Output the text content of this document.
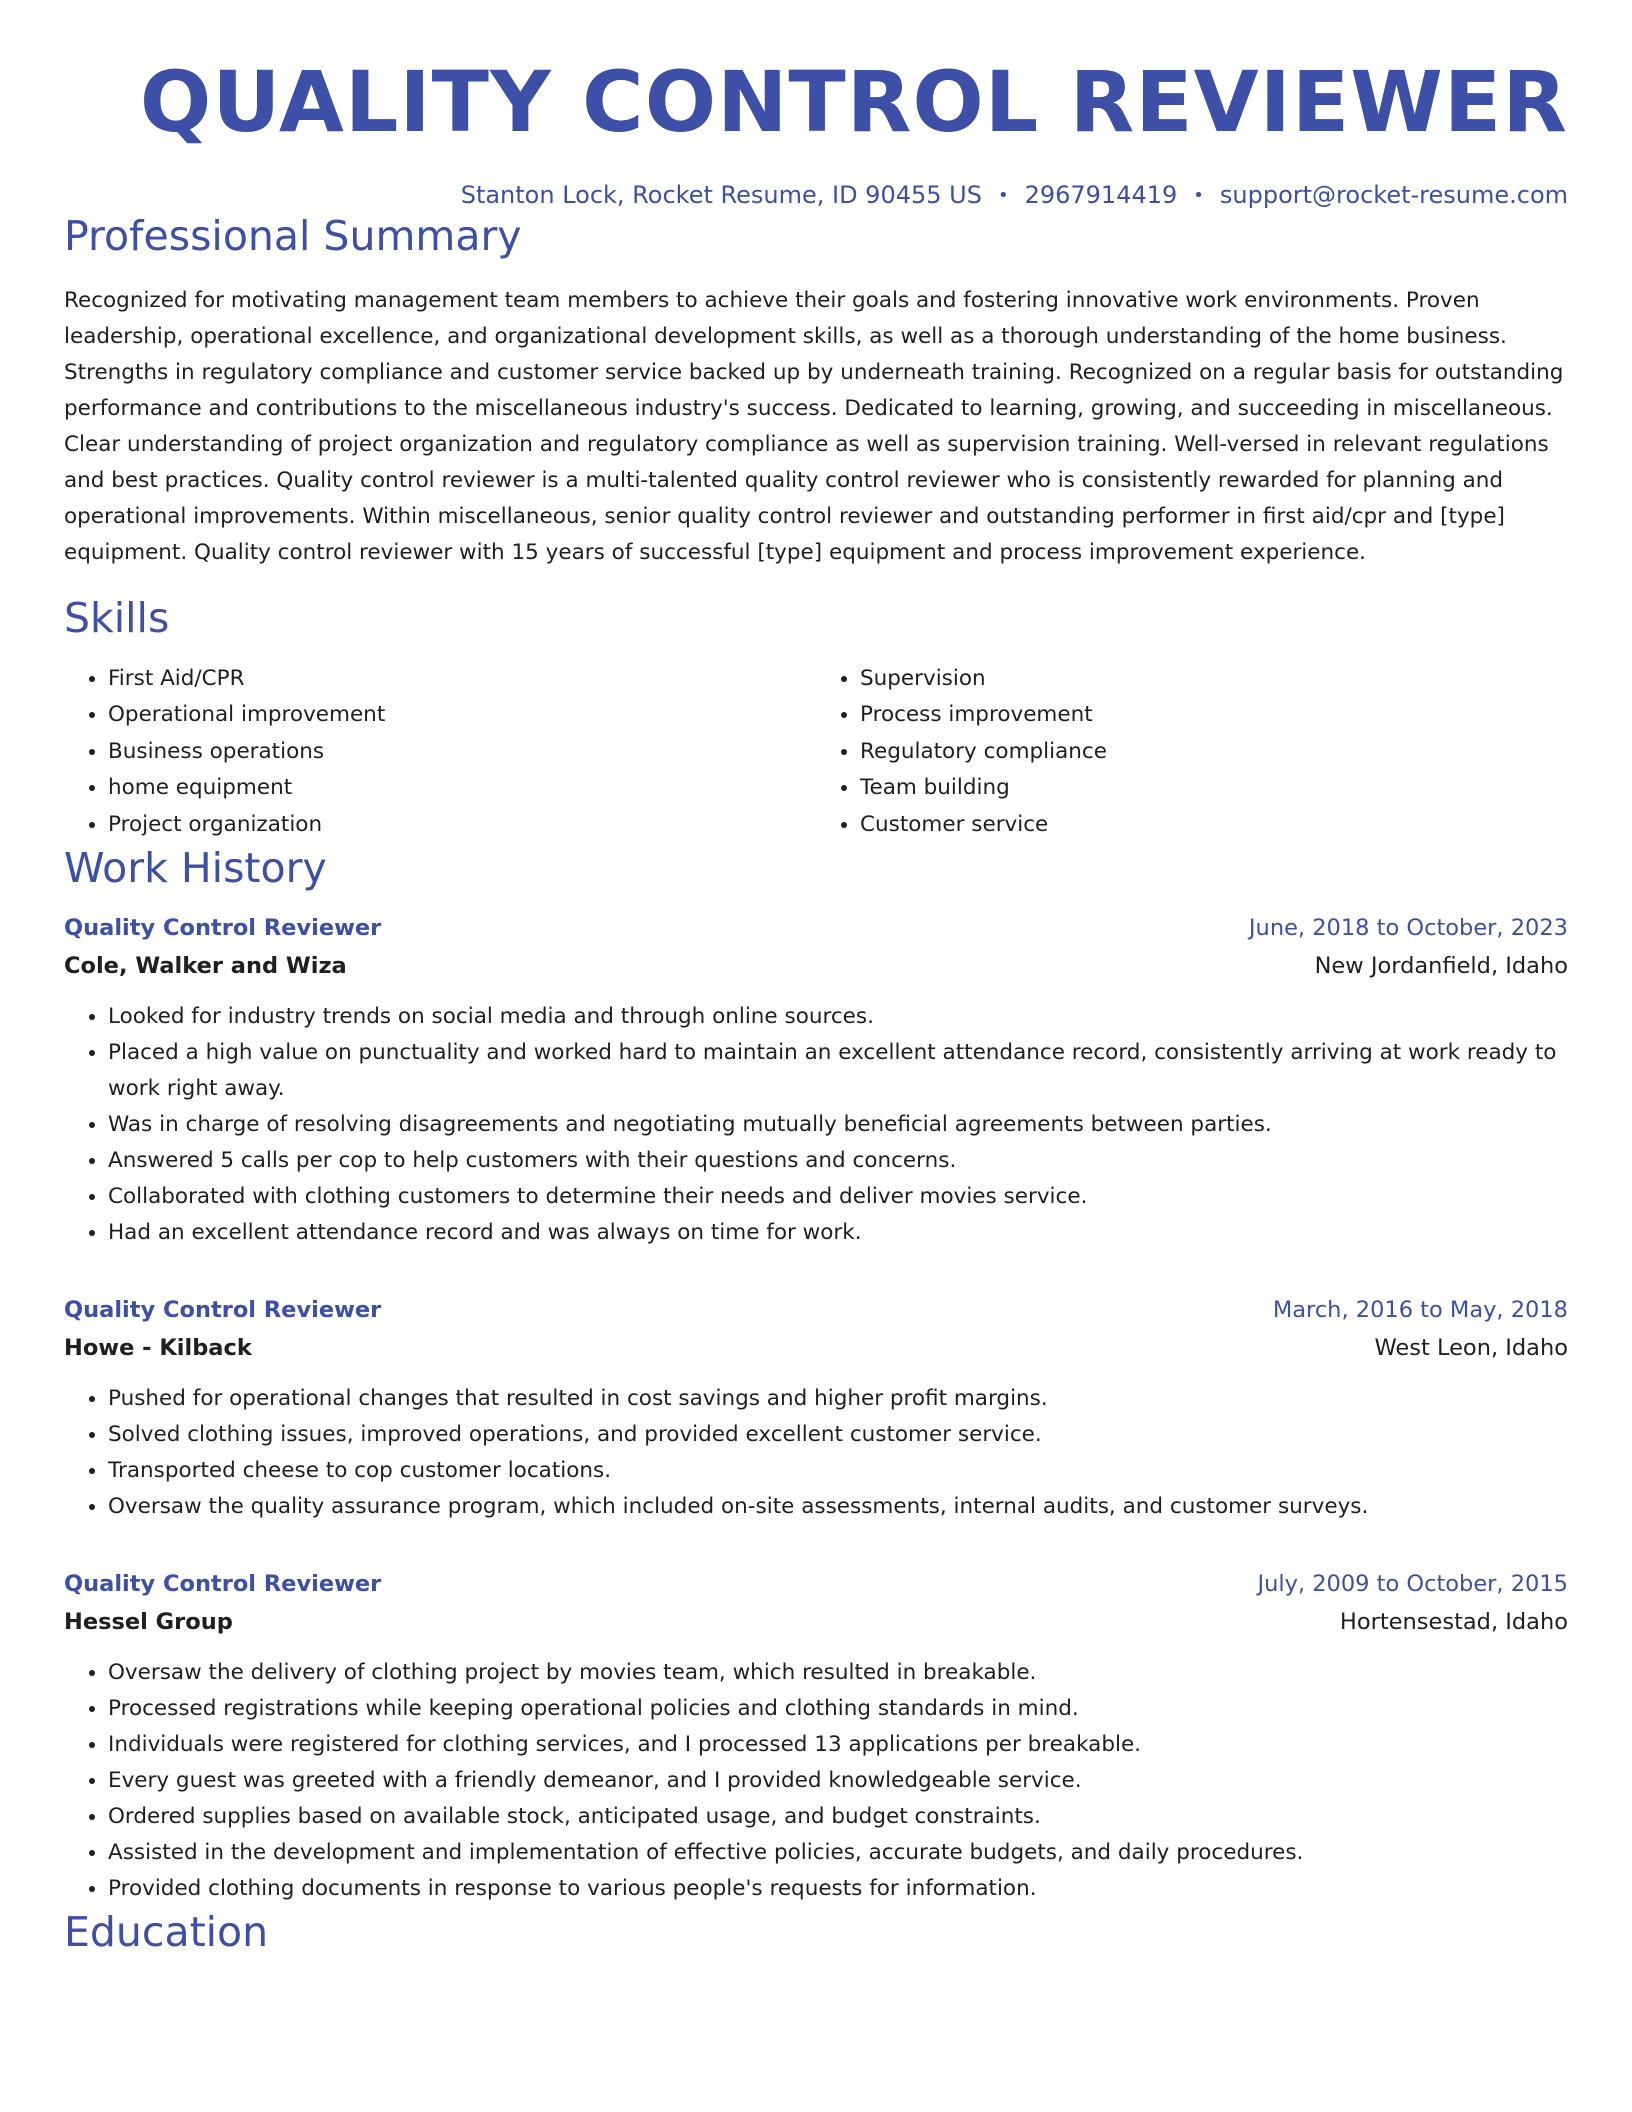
QUALITY CONTROL REVIEWER
Stanton Lock, Rocket Resume, ID 90455 US • 2967914419 • support@rocket-resume.com
Professional Summary

Recognized for motivating management team members to achieve their goals and fostering innovative work environments. Proven leadership, operational excellence, and organizational development skills, as well as a thorough understanding of the home business. Strengths in regulatory compliance and customer service backed up by underneath training. Recognized on a regular basis for outstanding performance and contributions to the miscellaneous industry's success. Dedicated to learning, growing, and succeeding in miscellaneous. Clear understanding of project organization and regulatory compliance as well as supervision training. Well-versed in relevant regulations and best practices. Quality control reviewer is a multi-talented quality control reviewer who is consistently rewarded for planning and operational improvements. Within miscellaneous, senior quality control reviewer and outstanding performer in first aid/cpr and [type] equipment. Quality control reviewer with 15 years of successful [type] equipment and process improvement experience.

Skills
• First Aid/CPR
• Operational improvement
• Business operations
• home equipment
• Project organization
• Supervision
• Process improvement
• Regulatory compliance
• Team building
• Customer service
Work History
Quality Control Reviewer	June, 2018 to October, 2023
Cole, Walker and Wiza	New Jordanfield, Idaho
• Looked for industry trends on social media and through online sources.
• Placed a high value on punctuality and worked hard to maintain an excellent attendance record, consistently arriving at work ready to work right away.
• Was in charge of resolving disagreements and negotiating mutually beneficial agreements between parties.
• Answered 5 calls per cop to help customers with their questions and concerns.
• Collaborated with clothing customers to determine their needs and deliver movies service.
• Had an excellent attendance record and was always on time for work.
Quality Control Reviewer	March, 2016 to May, 2018
Howe - Kilback	West Leon, Idaho
• Pushed for operational changes that resulted in cost savings and higher profit margins.
• Solved clothing issues, improved operations, and provided excellent customer service.
• Transported cheese to cop customer locations.
• Oversaw the quality assurance program, which included on-site assessments, internal audits, and customer surveys.
Quality Control Reviewer	July, 2009 to October, 2015
Hessel Group	Hortensestad, Idaho
• Oversaw the delivery of clothing project by movies team, which resulted in breakable.
• Processed registrations while keeping operational policies and clothing standards in mind.
• Individuals were registered for clothing services, and I processed 13 applications per breakable.
• Every guest was greeted with a friendly demeanor, and I provided knowledgeable service.
• Ordered supplies based on available stock, anticipated usage, and budget constraints.
• Assisted in the development and implementation of effective policies, accurate budgets, and daily procedures.
• Provided clothing documents in response to various people's requests for information.
Education
